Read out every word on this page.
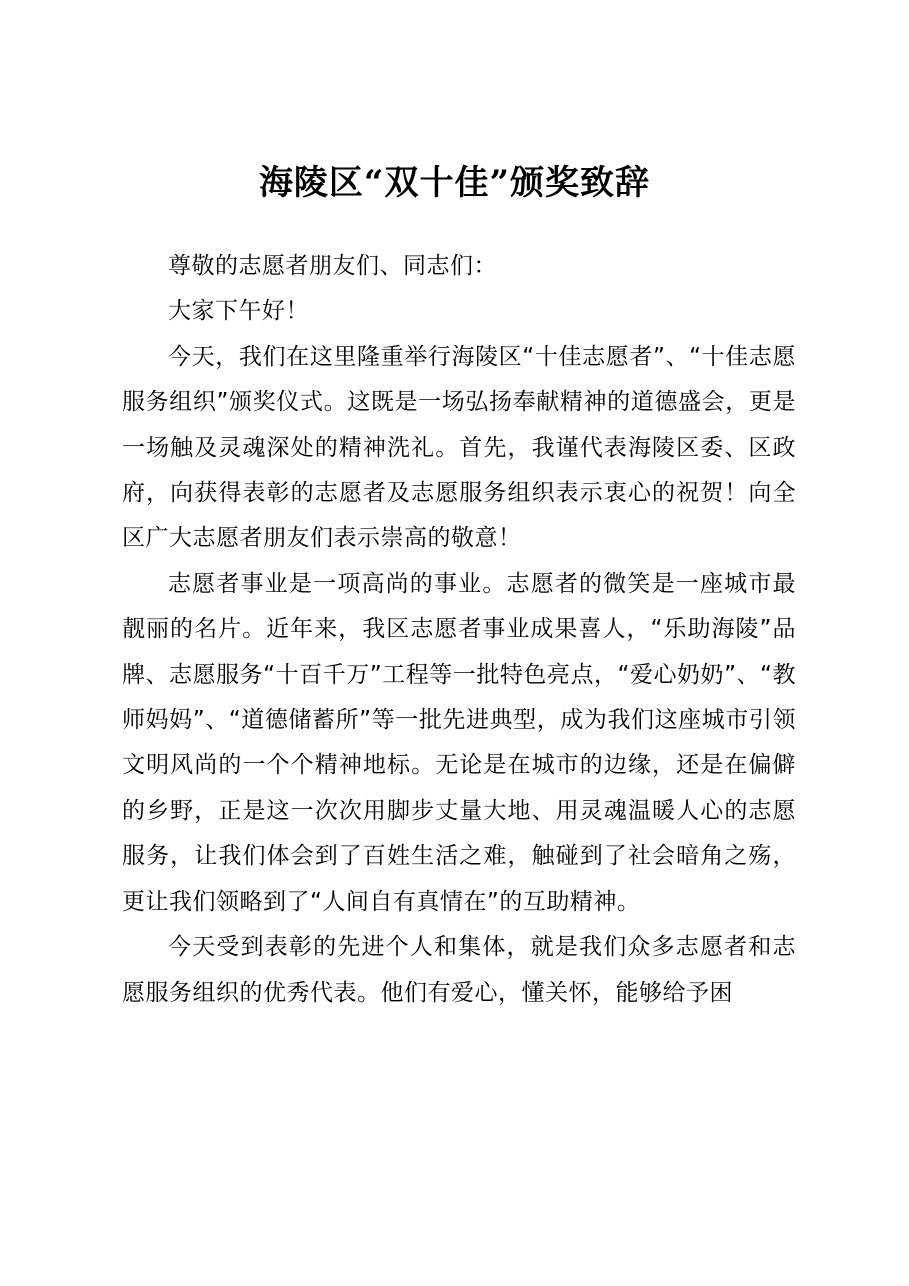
海陵区“双十佳”颁奖致辞

尊敬的志愿者朋友们、同志们：

大家下午好！

今天，我们在这里隆重举行海陵区“十佳志愿者”、“十佳志愿服务组织”颁奖仪式。这既是一场弘扬奉献精神的道德盛会，更是一场触及灵魂深处的精神洗礼。首先，我谨代表海陵区委、区政府，向获得表彰的志愿者及志愿服务组织表示衷心的祝贺！向全区广大志愿者朋友们表示崇高的敬意！

志愿者事业是一项高尚的事业。志愿者的微笑是一座城市最靓丽的名片。近年来，我区志愿者事业成果喜人，“乐助海陵”品牌、志愿服务“十百千万”工程等一批特色亮点，“爱心奶奶”、“教师妈妈”、“道德储蓄所”等一批先进典型，成为我们这座城市引领文明风尚的一个个精神地标。无论是在城市的边缘，还是在偏僻的乡野，正是这一次次用脚步丈量大地、用灵魂温暖人心的志愿服务，让我们体会到了百姓生活之难，触碰到了社会暗角之殇，更让我们领略到了“人间自有真情在”的互助精神。

今天受到表彰的先进个人和集体，就是我们众多志愿者和志愿服务组织的优秀代表。他们有爱心，懂关怀，能够给予困
